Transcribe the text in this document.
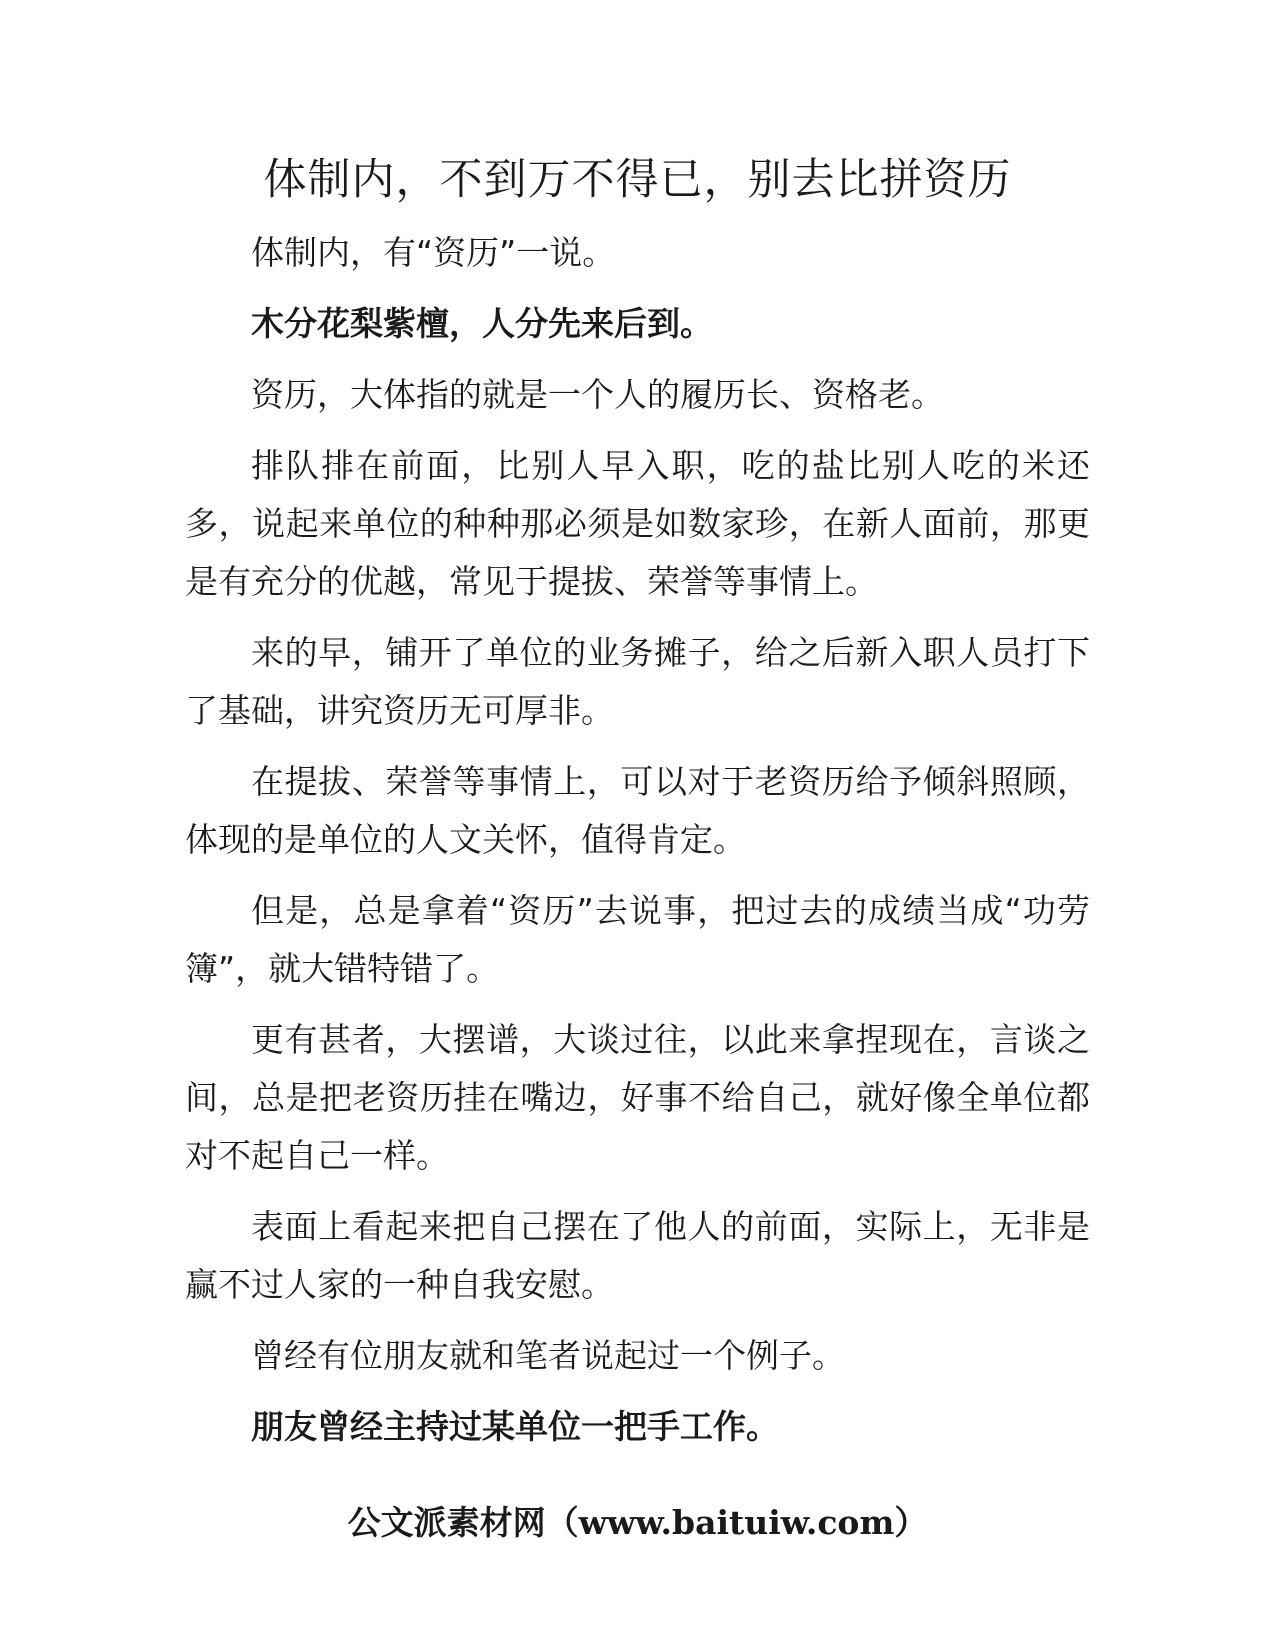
体制内，不到万不得已，别去比拼资历

体制内，有“资历”一说。

木分花梨紫檀，人分先来后到。

资历，大体指的就是一个人的履历长、资格老。

排队排在前面，比别人早入职，吃的盐比别人吃的米还多，说起来单位的种种那必须是如数家珍，在新人面前，那更是有充分的优越，常见于提拔、荣誉等事情上。

来的早，铺开了单位的业务摊子，给之后新入职人员打下了基础，讲究资历无可厚非。

在提拔、荣誉等事情上，可以对于老资历给予倾斜照顾，体现的是单位的人文关怀，值得肯定。

但是，总是拿着“资历”去说事，把过去的成绩当成“功劳簿”，就大错特错了。

更有甚者，大摆谱，大谈过往，以此来拿捏现在，言谈之间，总是把老资历挂在嘴边，好事不给自己，就好像全单位都对不起自己一样。

表面上看起来把自己摆在了他人的前面，实际上，无非是赢不过人家的一种自我安慰。

曾经有位朋友就和笔者说起过一个例子。

朋友曾经主持过某单位一把手工作。

公文派素材网（www.baituiw.com）
